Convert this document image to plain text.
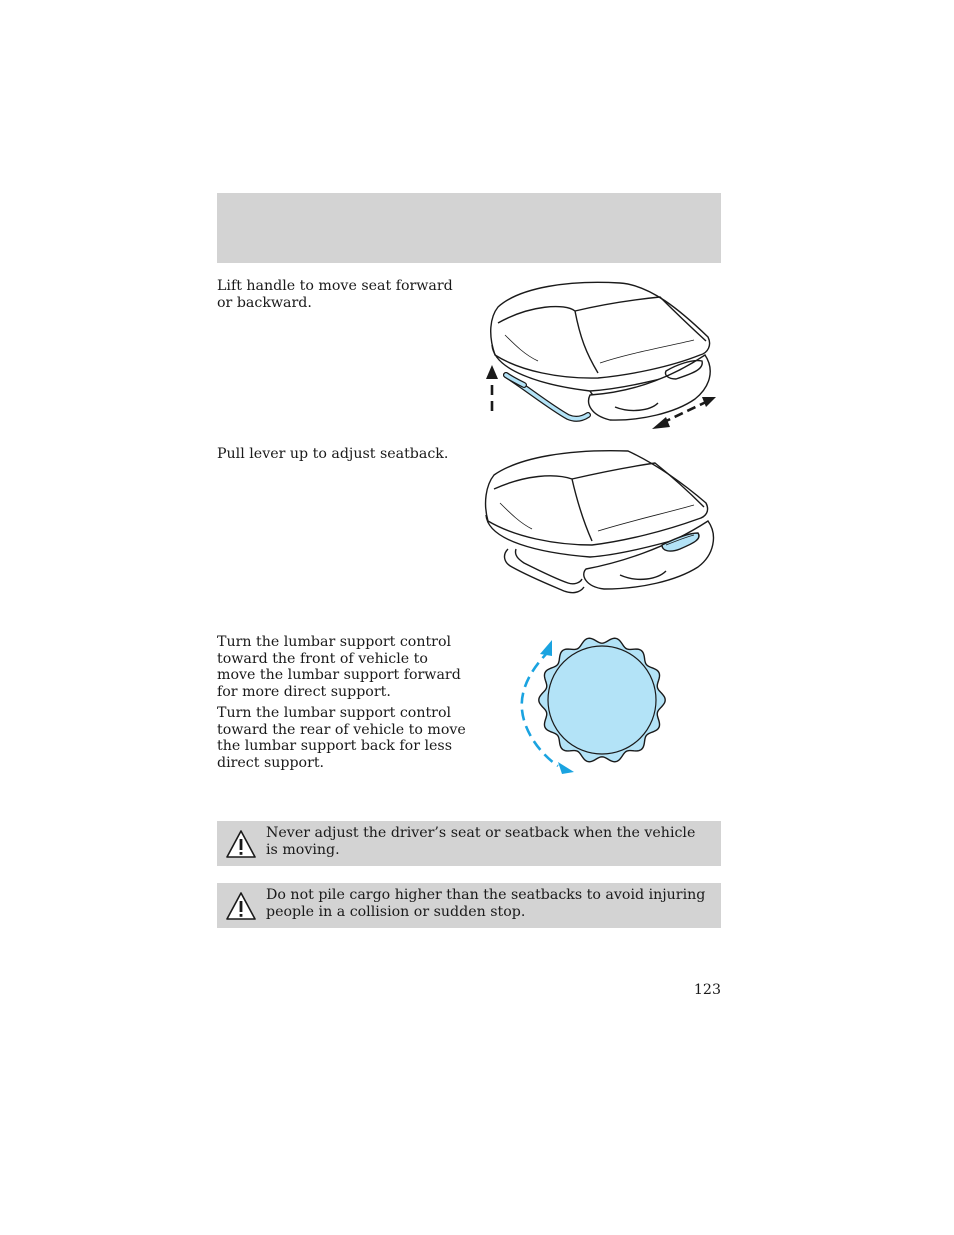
Lift handle to move seat forward or backward.

Pull lever up to adjust seatback.

Turn the lumbar support control toward the front of vehicle to move the lumbar support forward for more direct support.

Turn the lumbar support control toward the rear of vehicle to move the lumbar support back for less direct support.

Never adjust the driver’s seat or seatback when the vehicle is moving.

Do not pile cargo higher than the seatbacks to avoid injuring people in a collision or sudden stop.

123
